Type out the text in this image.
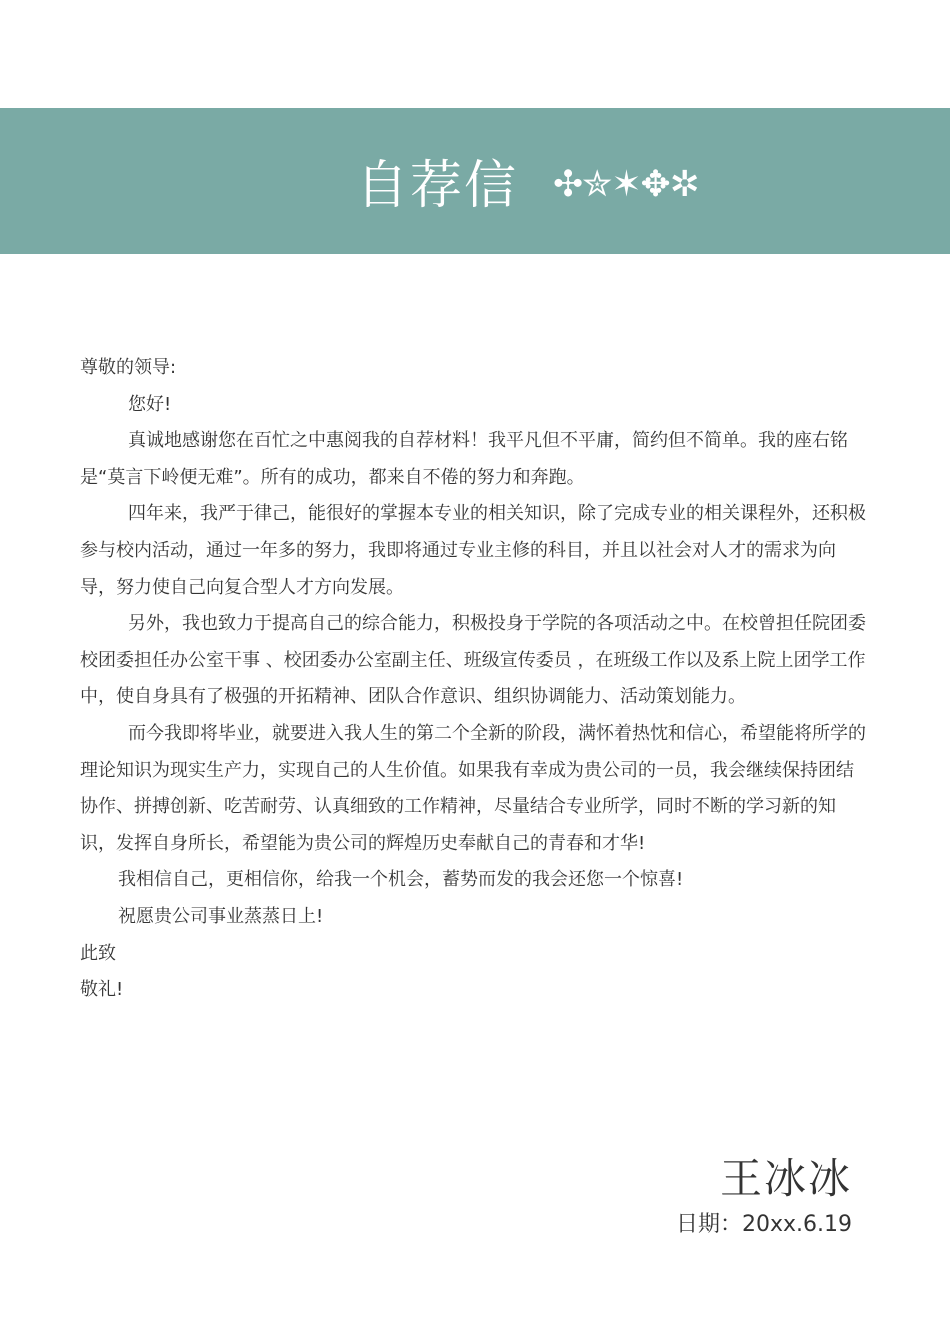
自荐信 ✣✮✶✥✲

尊敬的领导:

您好!

真诚地感谢您在百忙之中惠阅我的自荐材料！我平凡但不平庸，简约但不简单。我的座右铭是“莫言下岭便无难”。所有的成功，都来自不倦的努力和奔跑。

四年来，我严于律己，能很好的掌握本专业的相关知识，除了完成专业的相关课程外，还积极参与校内活动，通过一年多的努力，我即将通过专业主修的科目，并且以社会对人才的需求为向导，努力使自己向复合型人才方向发展。

另外，我也致力于提高自己的综合能力，积极投身于学院的各项活动之中。在校曾担任院团委校团委担任办公室干事 、校团委办公室副主任、班级宣传委员 ，在班级工作以及系上院上团学工作中，使自身具有了极强的开拓精神、团队合作意识、组织协调能力、活动策划能力。

而今我即将毕业，就要进入我人生的第二个全新的阶段，满怀着热忱和信心，希望能将所学的理论知识为现实生产力，实现自己的人生价值。如果我有幸成为贵公司的一员，我会继续保持团结协作、拼搏创新、吃苦耐劳、认真细致的工作精神，尽量结合专业所学，同时不断的学习新的知识，发挥自身所长，希望能为贵公司的辉煌历史奉献自己的青春和才华!

我相信自己，更相信你，给我一个机会，蓄势而发的我会还您一个惊喜!

祝愿贵公司事业蒸蒸日上!

此致

敬礼!

王冰冰
日期：20xx.6.19
